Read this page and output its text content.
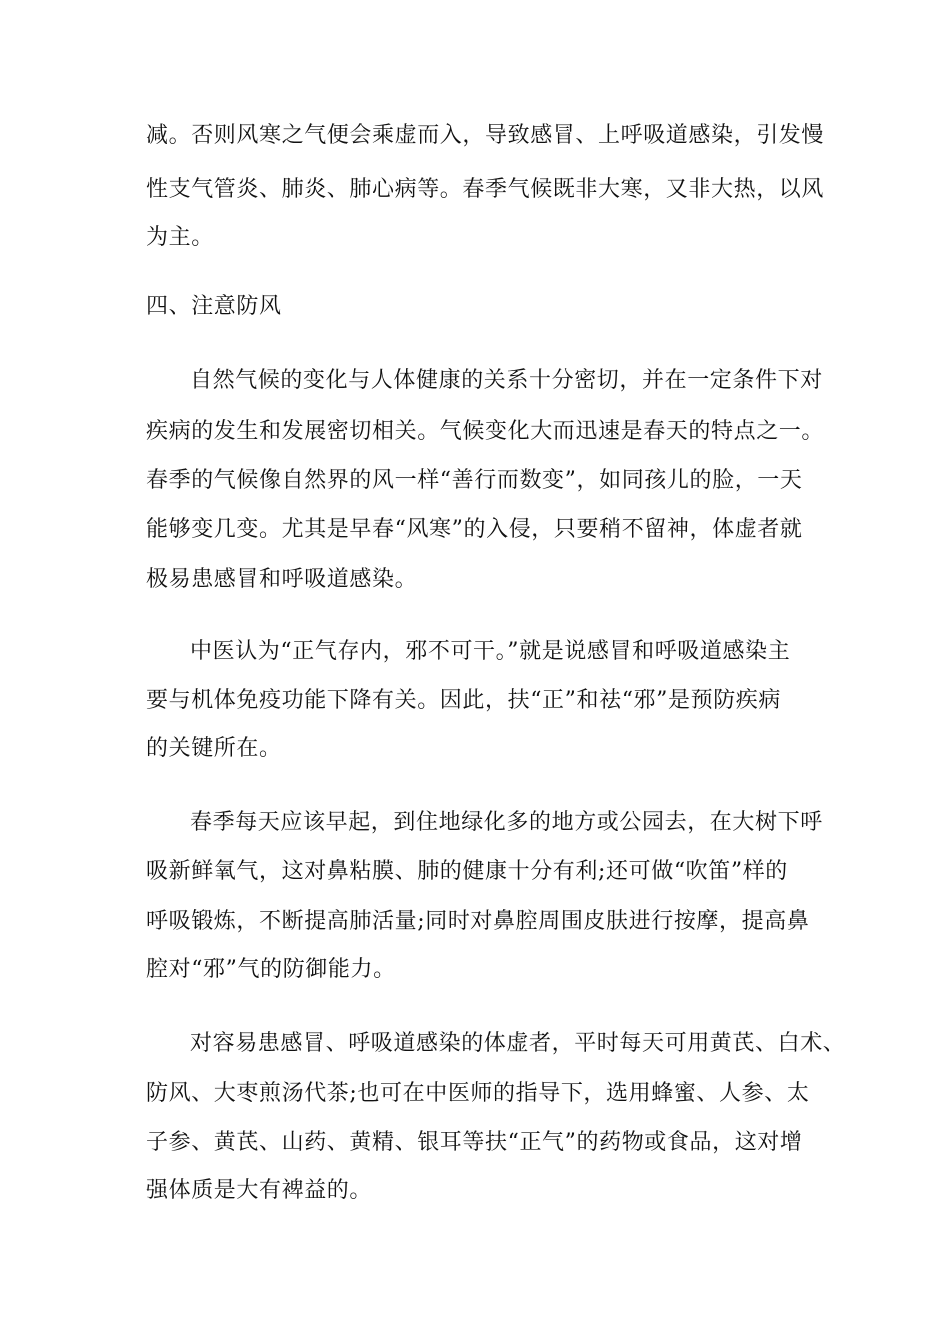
减。否则风寒之气便会乘虚而入，导致感冒、上呼吸道感染，引发慢
性支气管炎、肺炎、肺心病等。春季气候既非大寒，又非大热，以风
为主。
四、注意防风
自然气候的变化与人体健康的关系十分密切，并在一定条件下对
疾病的发生和发展密切相关。气候变化大而迅速是春天的特点之一。
春季的气候像自然界的风一样“善行而数变”，如同孩儿的脸，一天
能够变几变。尤其是早春“风寒”的入侵，只要稍不留神，体虚者就
极易患感冒和呼吸道感染。
中医认为“正气存内，邪不可干。”就是说感冒和呼吸道感染主
要与机体免疫功能下降有关。因此，扶“正”和祛“邪”是预防疾病
的关键所在。
春季每天应该早起，到住地绿化多的地方或公园去，在大树下呼
吸新鲜氧气，这对鼻粘膜、肺的健康十分有利;还可做“吹笛”样的
呼吸锻炼，不断提高肺活量;同时对鼻腔周围皮肤进行按摩，提高鼻
腔对“邪”气的防御能力。
对容易患感冒、呼吸道感染的体虚者，平时每天可用黄芪、白术、
防风、大枣煎汤代茶;也可在中医师的指导下，选用蜂蜜、人参、太
子参、黄芪、山药、黄精、银耳等扶“正气”的药物或食品，这对增
强体质是大有裨益的。
